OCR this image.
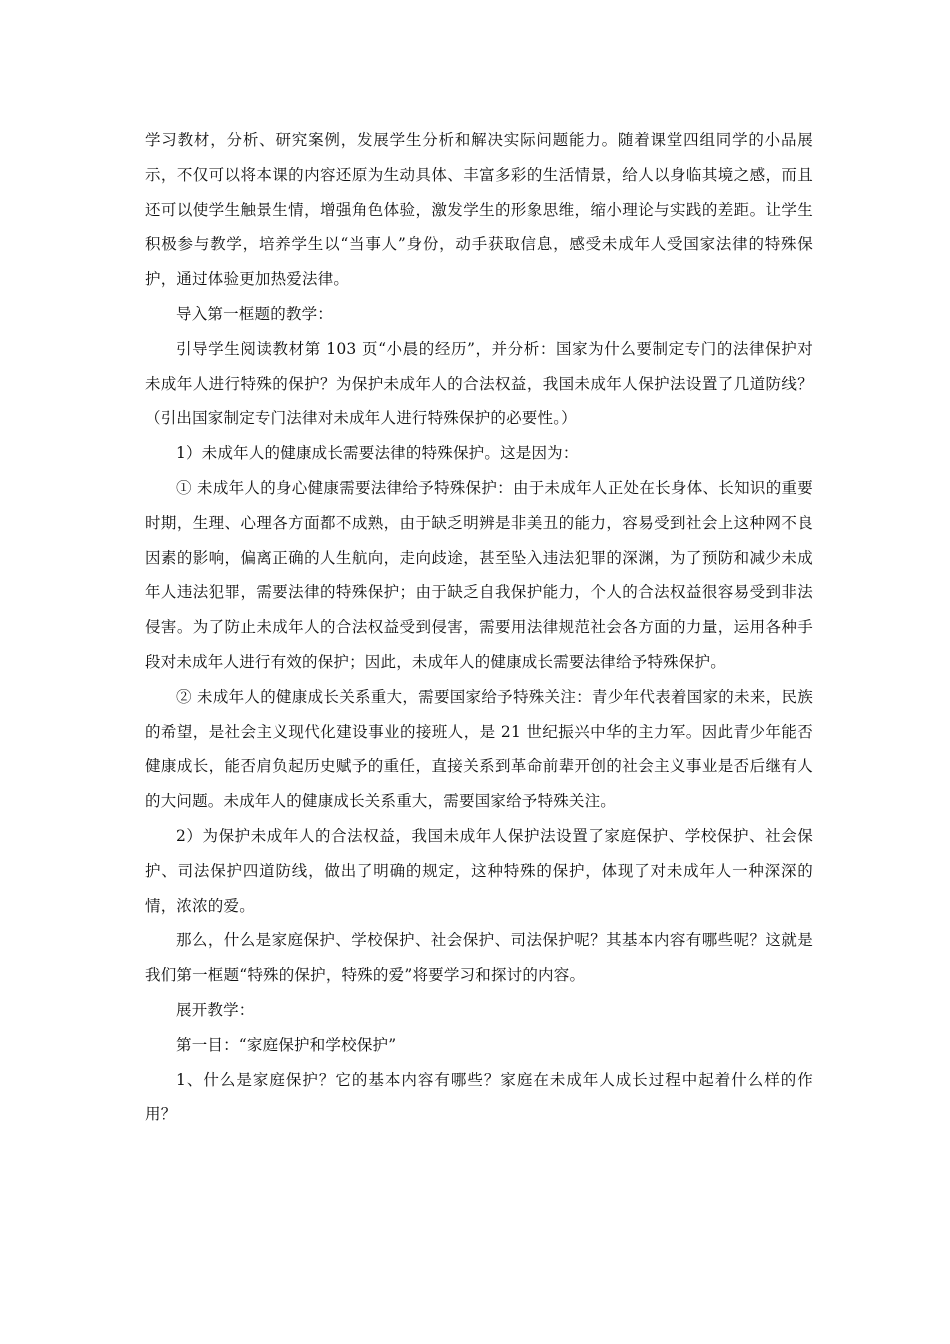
学习教材，分析、研究案例，发展学生分析和解决实际问题能力。随着课堂四组同学的小品展示，不仅可以将本课的内容还原为生动具体、丰富多彩的生活情景，给人以身临其境之感，而且还可以使学生触景生情，增强角色体验，激发学生的形象思维，缩小理论与实践的差距。让学生积极参与教学，培养学生以“当事人”身份，动手获取信息，感受未成年人受国家法律的特殊保护，通过体验更加热爱法律。

导入第一框题的教学：

引导学生阅读教材第 103 页“小晨的经历”，并分析：国家为什么要制定专门的法律保护对未成年人进行特殊的保护？为保护未成年人的合法权益，我国未成年人保护法设置了几道防线？（引出国家制定专门法律对未成年人进行特殊保护的必要性。）

1）未成年人的健康成长需要法律的特殊保护。这是因为：

① 未成年人的身心健康需要法律给予特殊保护：由于未成年人正处在长身体、长知识的重要时期，生理、心理各方面都不成熟，由于缺乏明辨是非美丑的能力，容易受到社会上这种网不良因素的影响，偏离正确的人生航向，走向歧途，甚至坠入违法犯罪的深渊，为了预防和减少未成年人违法犯罪，需要法律的特殊保护；由于缺乏自我保护能力，个人的合法权益很容易受到非法侵害。为了防止未成年人的合法权益受到侵害，需要用法律规范社会各方面的力量，运用各种手段对未成年人进行有效的保护；因此，未成年人的健康成长需要法律给予特殊保护。

② 未成年人的健康成长关系重大，需要国家给予特殊关注：青少年代表着国家的未来，民族的希望，是社会主义现代化建设事业的接班人，是 21 世纪振兴中华的主力军。因此青少年能否健康成长，能否肩负起历史赋予的重任，直接关系到革命前辈开创的社会主义事业是否后继有人的大问题。未成年人的健康成长关系重大，需要国家给予特殊关注。

2）为保护未成年人的合法权益，我国未成年人保护法设置了家庭保护、学校保护、社会保护、司法保护四道防线，做出了明确的规定，这种特殊的保护，体现了对未成年人一种深深的情，浓浓的爱。

那么，什么是家庭保护、学校保护、社会保护、司法保护呢？其基本内容有哪些呢？这就是我们第一框题“特殊的保护，特殊的爱”将要学习和探讨的内容。

展开教学：

第一目：“家庭保护和学校保护”

1、什么是家庭保护？它的基本内容有哪些？家庭在未成年人成长过程中起着什么样的作用？
